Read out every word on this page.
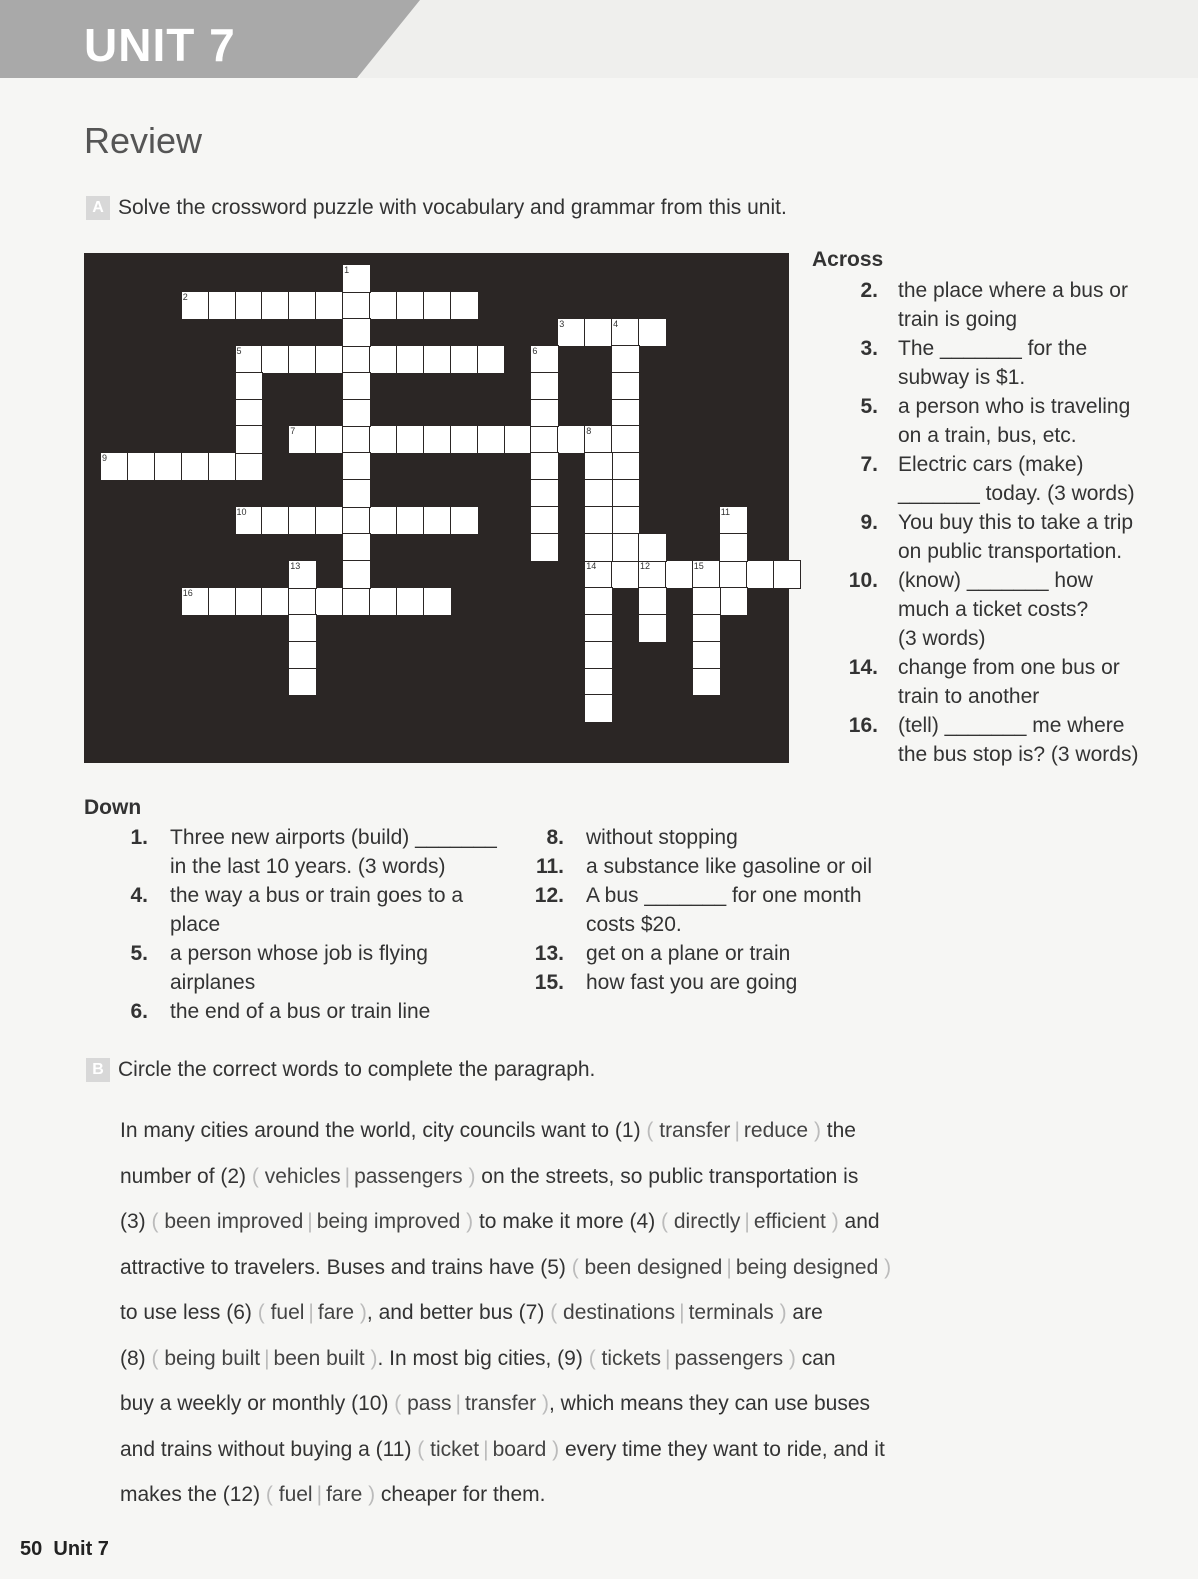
UNIT 7
Review
A Solve the crossword puzzle with vocabulary and grammar from this unit.
2
3	4
5
7	8
9
10
14	12	15
16
1
6
11
13
Across
2. the place where a bus or
train is going
3. The _______ for the
subway is $1.
5. a person who is traveling
on a train, bus, etc.
7. Electric cars (make)
_______ today. (3 words)
9. You buy this to take a trip
on public transportation.
10. (know) _______ how
much a ticket costs?
(3 words)
14. change from one bus or
train to another
16. (tell) _______ me where
the bus stop is? (3 words)
Down
1. Three new airports (build) _______
in the last 10 years. (3 words)
4. the way a bus or train goes to a
place
5. a person whose job is flying
airplanes
6. the end of a bus or train line
8. without stopping
11. a substance like gasoline or oil
12. A bus _______ for one month
costs $20.
13. get on a plane or train
15. how fast you are going
B Circle the correct words to complete the paragraph.
In many cities around the world, city councils want to (1) ( transfer | reduce ) the
number of (2) ( vehicles | passengers ) on the streets, so public transportation is
(3) ( been improved | being improved ) to make it more (4) ( directly | efficient ) and
attractive to travelers. Buses and trains have (5) ( been designed | being designed )
to use less (6) ( fuel | fare ), and better bus (7) ( destinations | terminals ) are
(8) ( being built | been built ). In most big cities, (9) ( tickets | passengers ) can
buy a weekly or monthly (10) ( pass | transfer ), which means they can use buses
and trains without buying a (11) ( ticket | board ) every time they want to ride, and it
makes the (12) ( fuel | fare ) cheaper for them.
50 Unit 7
